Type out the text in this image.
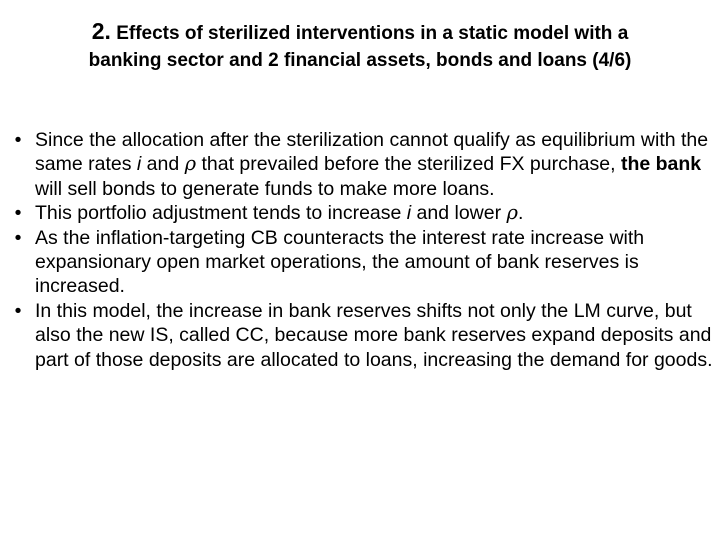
2. Effects of sterilized interventions in a static model with a
banking sector and 2 financial assets, bonds and loans (4/6)
• Since the allocation after the sterilization cannot qualify as equilibrium with the same rates i and ρ that prevailed before the sterilized FX purchase, the bank will sell bonds to generate funds to make more loans.
• This portfolio adjustment tends to increase i and lower ρ.
• As the inflation-targeting CB counteracts the interest rate increase with expansionary open market operations, the amount of bank reserves is increased.
• In this model, the increase in bank reserves shifts not only the LM curve, but also the new IS, called CC, because more bank reserves expand deposits and part of those deposits are allocated to loans, increasing the demand for goods.
